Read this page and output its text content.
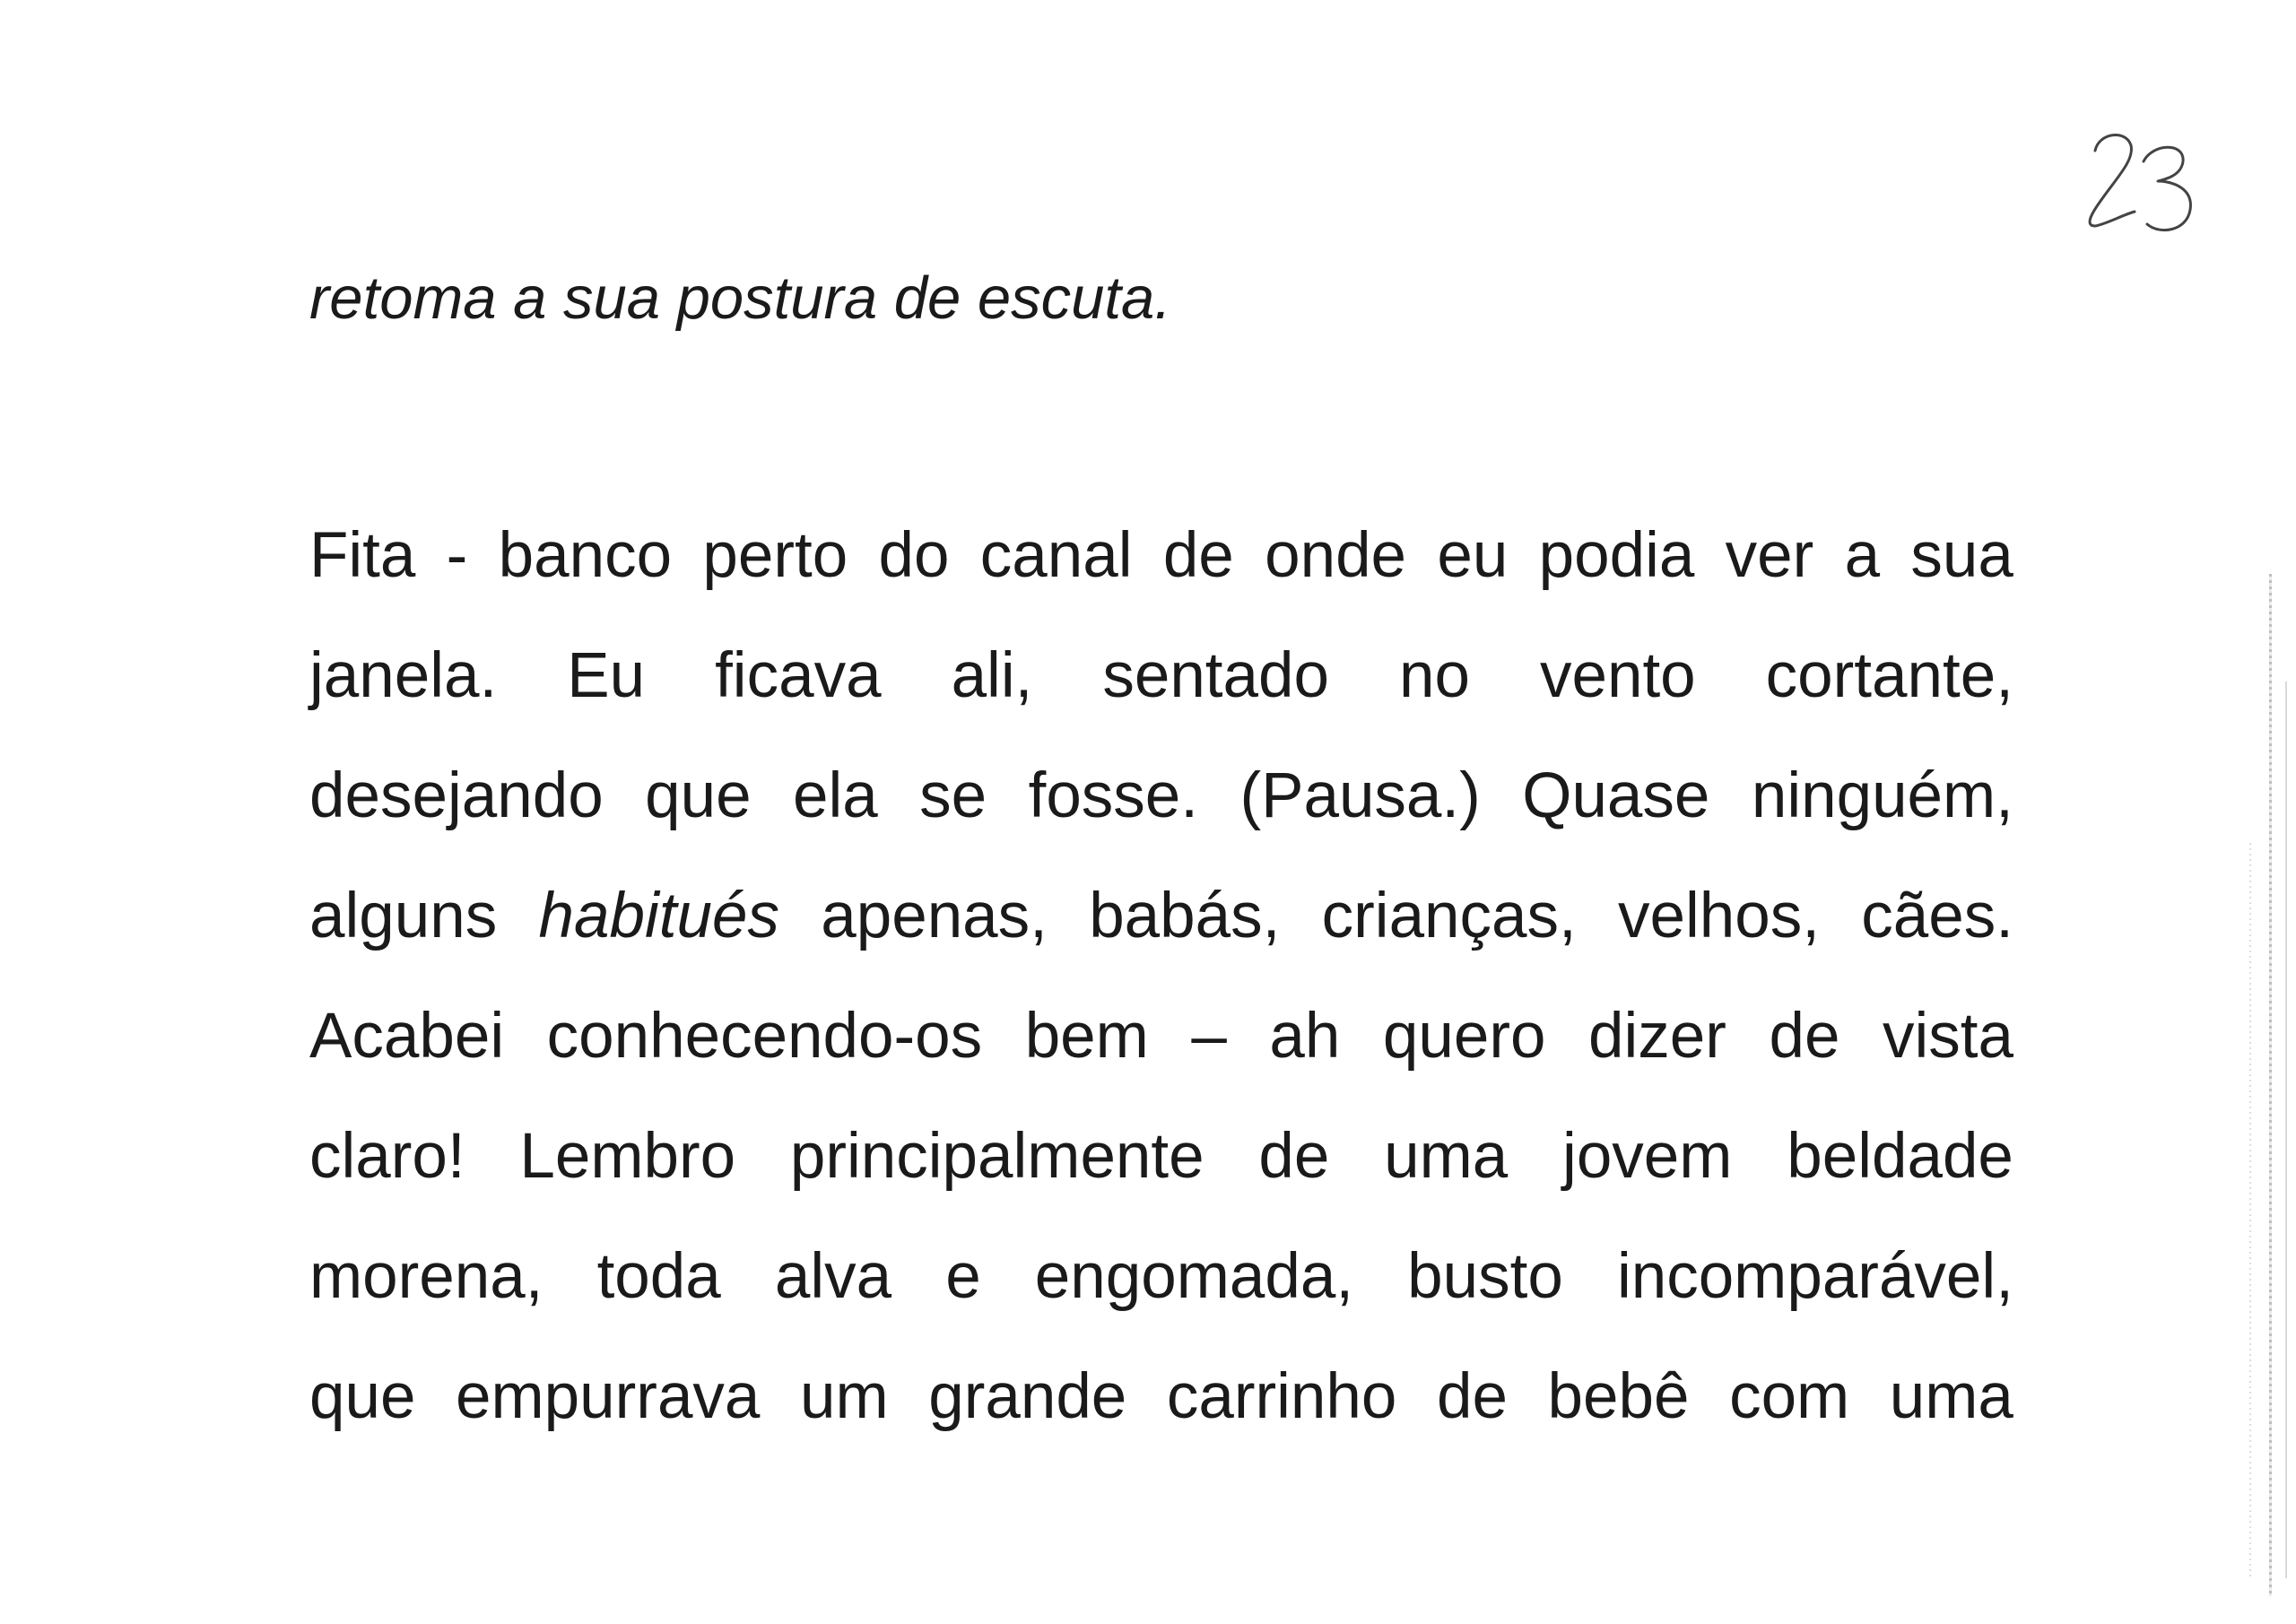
retoma a sua postura de escuta.

Fita - banco perto do canal de onde eu podia ver a sua
janela. Eu ficava ali, sentado no vento cortante,
desejando que ela se fosse. (Pausa.) Quase ninguém,
alguns habitués apenas, babás, crianças, velhos, cães.
Acabei conhecendo-os bem – ah quero dizer de vista
claro! Lembro principalmente de uma jovem beldade
morena, toda alva e engomada, busto incomparável,
que empurrava um grande carrinho de bebê com uma
